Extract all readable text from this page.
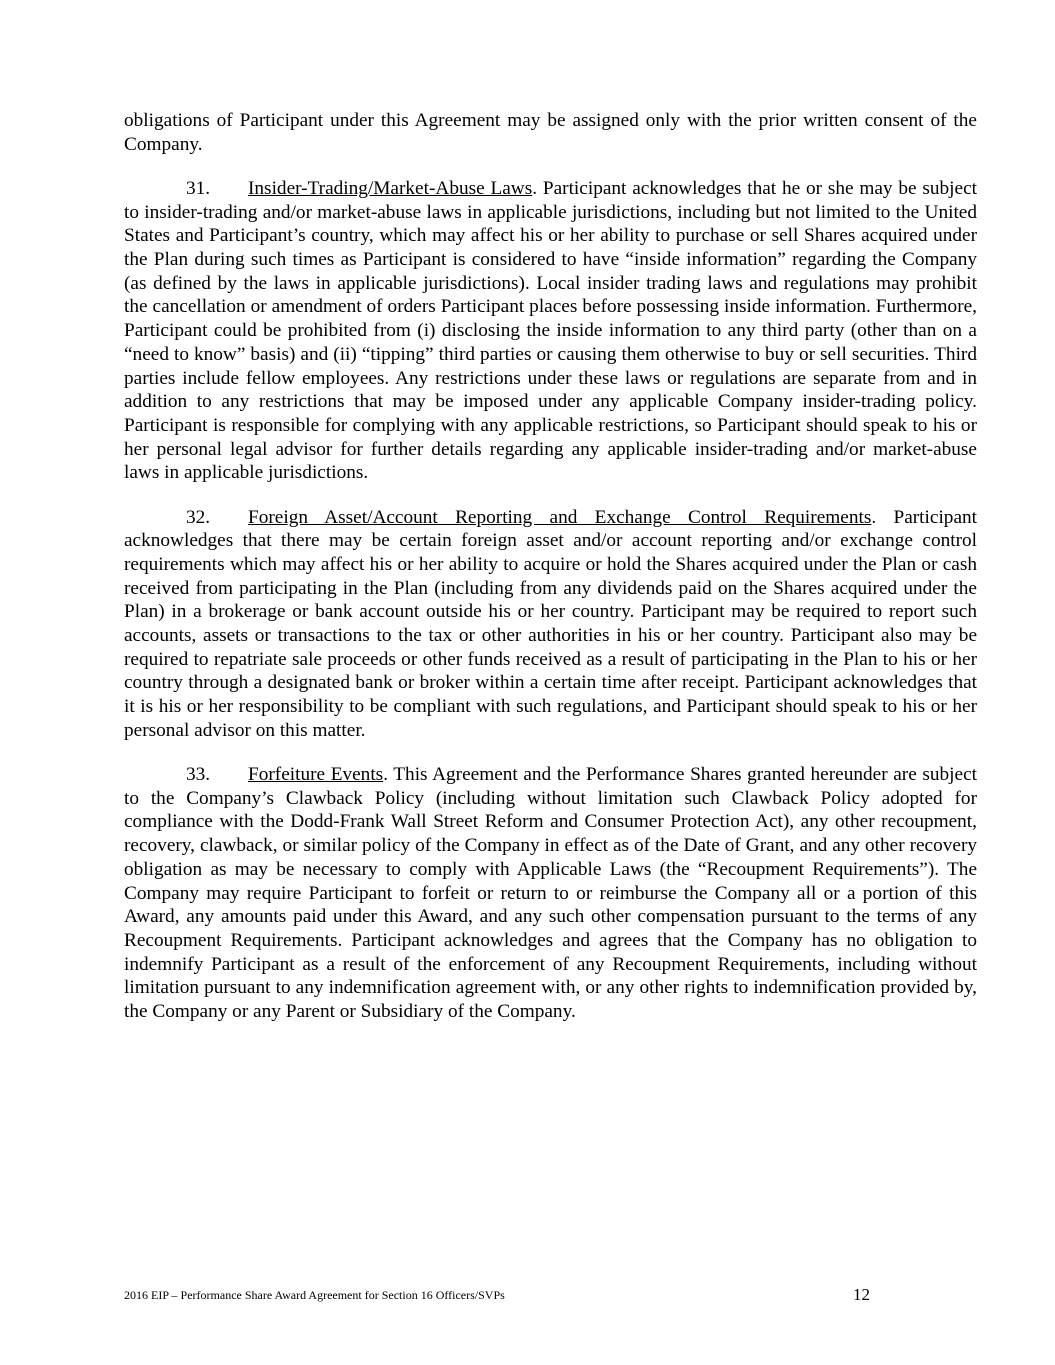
obligations of Participant under this Agreement may be assigned only with the prior written consent of the Company.

31. Insider-Trading/Market-Abuse Laws. Participant acknowledges that he or she may be subject to insider-trading and/or market-abuse laws in applicable jurisdictions, including but not limited to the United States and Participant’s country, which may affect his or her ability to purchase or sell Shares acquired under the Plan during such times as Participant is considered to have “inside information” regarding the Company (as defined by the laws in applicable jurisdictions). Local insider trading laws and regulations may prohibit the cancellation or amendment of orders Participant places before possessing inside information. Furthermore, Participant could be prohibited from (i) disclosing the inside information to any third party (other than on a “need to know” basis) and (ii) “tipping” third parties or causing them otherwise to buy or sell securities. Third parties include fellow employees. Any restrictions under these laws or regulations are separate from and in addition to any restrictions that may be imposed under any applicable Company insider-trading policy. Participant is responsible for complying with any applicable restrictions, so Participant should speak to his or her personal legal advisor for further details regarding any applicable insider-trading and/or market-abuse laws in applicable jurisdictions.

32. Foreign Asset/Account Reporting and Exchange Control Requirements. Participant acknowledges that there may be certain foreign asset and/or account reporting and/or exchange control requirements which may affect his or her ability to acquire or hold the Shares acquired under the Plan or cash received from participating in the Plan (including from any dividends paid on the Shares acquired under the Plan) in a brokerage or bank account outside his or her country. Participant may be required to report such accounts, assets or transactions to the tax or other authorities in his or her country. Participant also may be required to repatriate sale proceeds or other funds received as a result of participating in the Plan to his or her country through a designated bank or broker within a certain time after receipt. Participant acknowledges that it is his or her responsibility to be compliant with such regulations, and Participant should speak to his or her personal advisor on this matter.

33. Forfeiture Events. This Agreement and the Performance Shares granted hereunder are subject to the Company’s Clawback Policy (including without limitation such Clawback Policy adopted for compliance with the Dodd-Frank Wall Street Reform and Consumer Protection Act), any other recoupment, recovery, clawback, or similar policy of the Company in effect as of the Date of Grant, and any other recovery obligation as may be necessary to comply with Applicable Laws (the “Recoupment Requirements”). The Company may require Participant to forfeit or return to or reimburse the Company all or a portion of this Award, any amounts paid under this Award, and any such other compensation pursuant to the terms of any Recoupment Requirements. Participant acknowledges and agrees that the Company has no obligation to indemnify Participant as a result of the enforcement of any Recoupment Requirements, including without limitation pursuant to any indemnification agreement with, or any other rights to indemnification provided by, the Company or any Parent or Subsidiary of the Company.

2016 EIP – Performance Share Award Agreement for Section 16 Officers/SVPs	12
